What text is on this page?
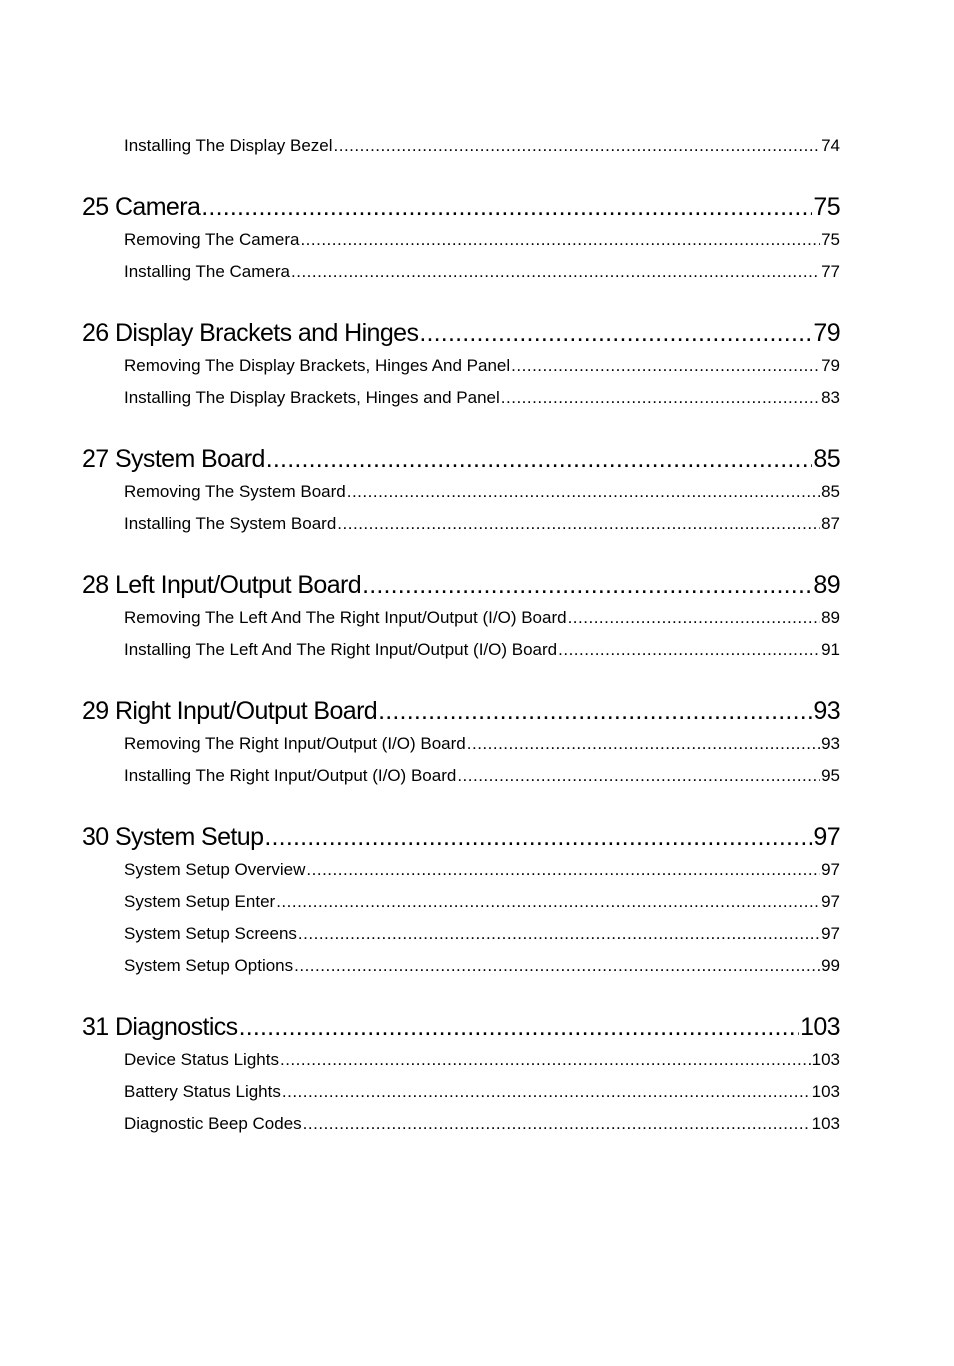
Installing The Display Bezel .....	74
25 Camera .....	75
Removing The Camera .....	75
Installing The Camera .....	77
26 Display Brackets and Hinges .....	79
Removing The Display Brackets, Hinges And Panel .....	79
Installing The Display Brackets, Hinges and Panel .....	83
27 System Board .....	85
Removing The System Board .....	85
Installing The System Board .....	87
28 Left Input/Output Board .....	89
Removing The Left And The Right Input/Output (I/O) Board .....	89
Installing The Left And The Right Input/Output (I/O) Board .....	91
29 Right Input/Output Board .....	93
Removing The Right Input/Output (I/O) Board .....	93
Installing The Right Input/Output (I/O) Board .....	95
30 System Setup .....	97
System Setup Overview .....	97
System Setup Enter .....	97
System Setup Screens .....	97
System Setup Options .....	99
31 Diagnostics .....	103
Device Status Lights .....	103
Battery Status Lights .....	103
Diagnostic Beep Codes .....	103
